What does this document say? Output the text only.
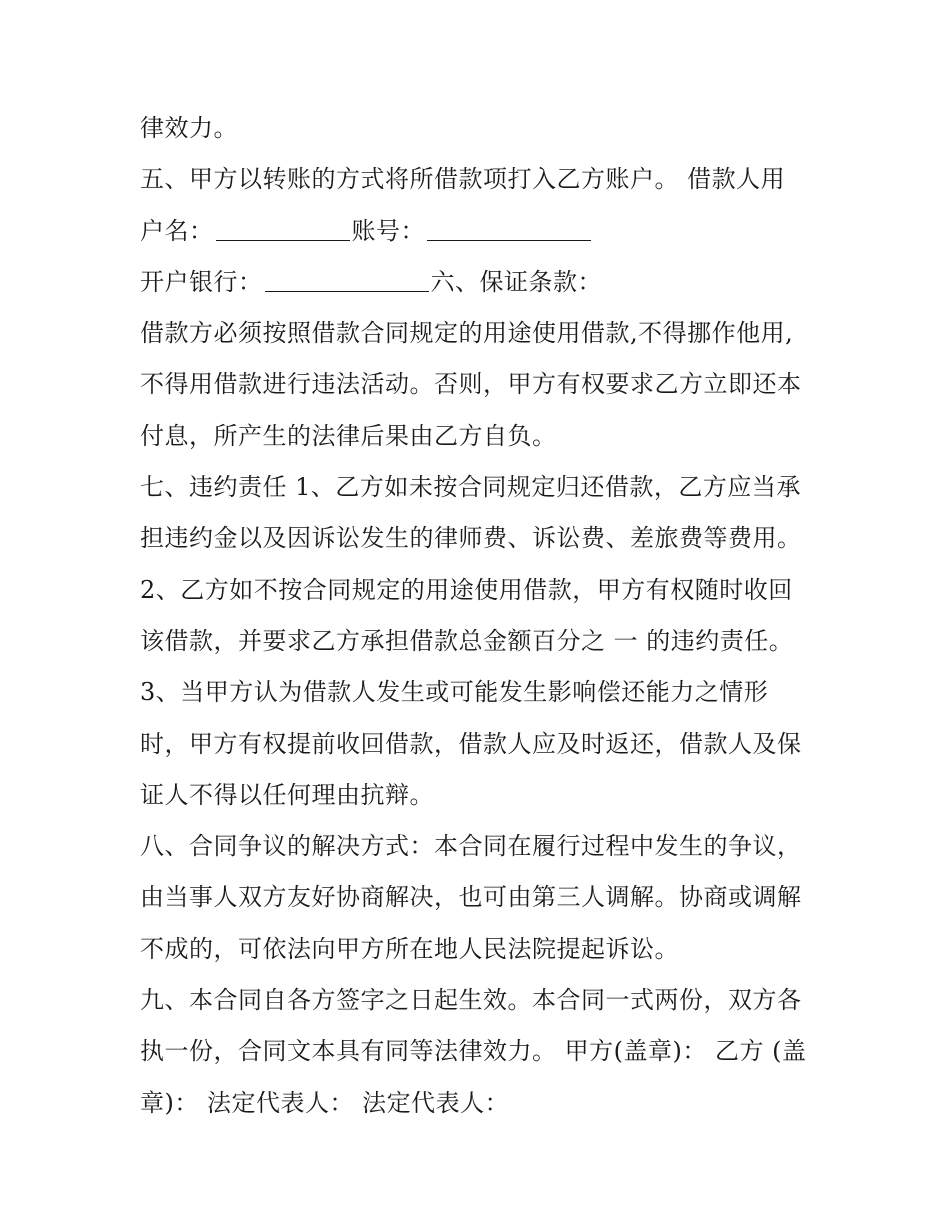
律效力。
五、甲方以转账的方式将所借款项打入乙方账户。 借款人用
户名：	账号：
开户银行：	六、保证条款：
借款方必须按照借款合同规定的用途使用借款,不得挪作他用,
不得用借款进行违法活动。否则，甲方有权要求乙方立即还本
付息，所产生的法律后果由乙方自负。
七、违约责任 1、乙方如未按合同规定归还借款，乙方应当承
担违约金以及因诉讼发生的律师费、诉讼费、差旅费等费用。
2、乙方如不按合同规定的用途使用借款，甲方有权随时收回
该借款，并要求乙方承担借款总金额百分之 一 的违约责任。
3、当甲方认为借款人发生或可能发生影响偿还能力之情形
时，甲方有权提前收回借款，借款人应及时返还，借款人及保
证人不得以任何理由抗辩。
八、合同争议的解决方式：本合同在履行过程中发生的争议，
由当事人双方友好协商解决，也可由第三人调解。协商或调解
不成的，可依法向甲方所在地人民法院提起诉讼。
九、本合同自各方签字之日起生效。本合同一式两份，双方各
执一份，合同文本具有同等法律效力。 甲方(盖章)： 乙方 (盖
章)： 法定代表人： 法定代表人：
